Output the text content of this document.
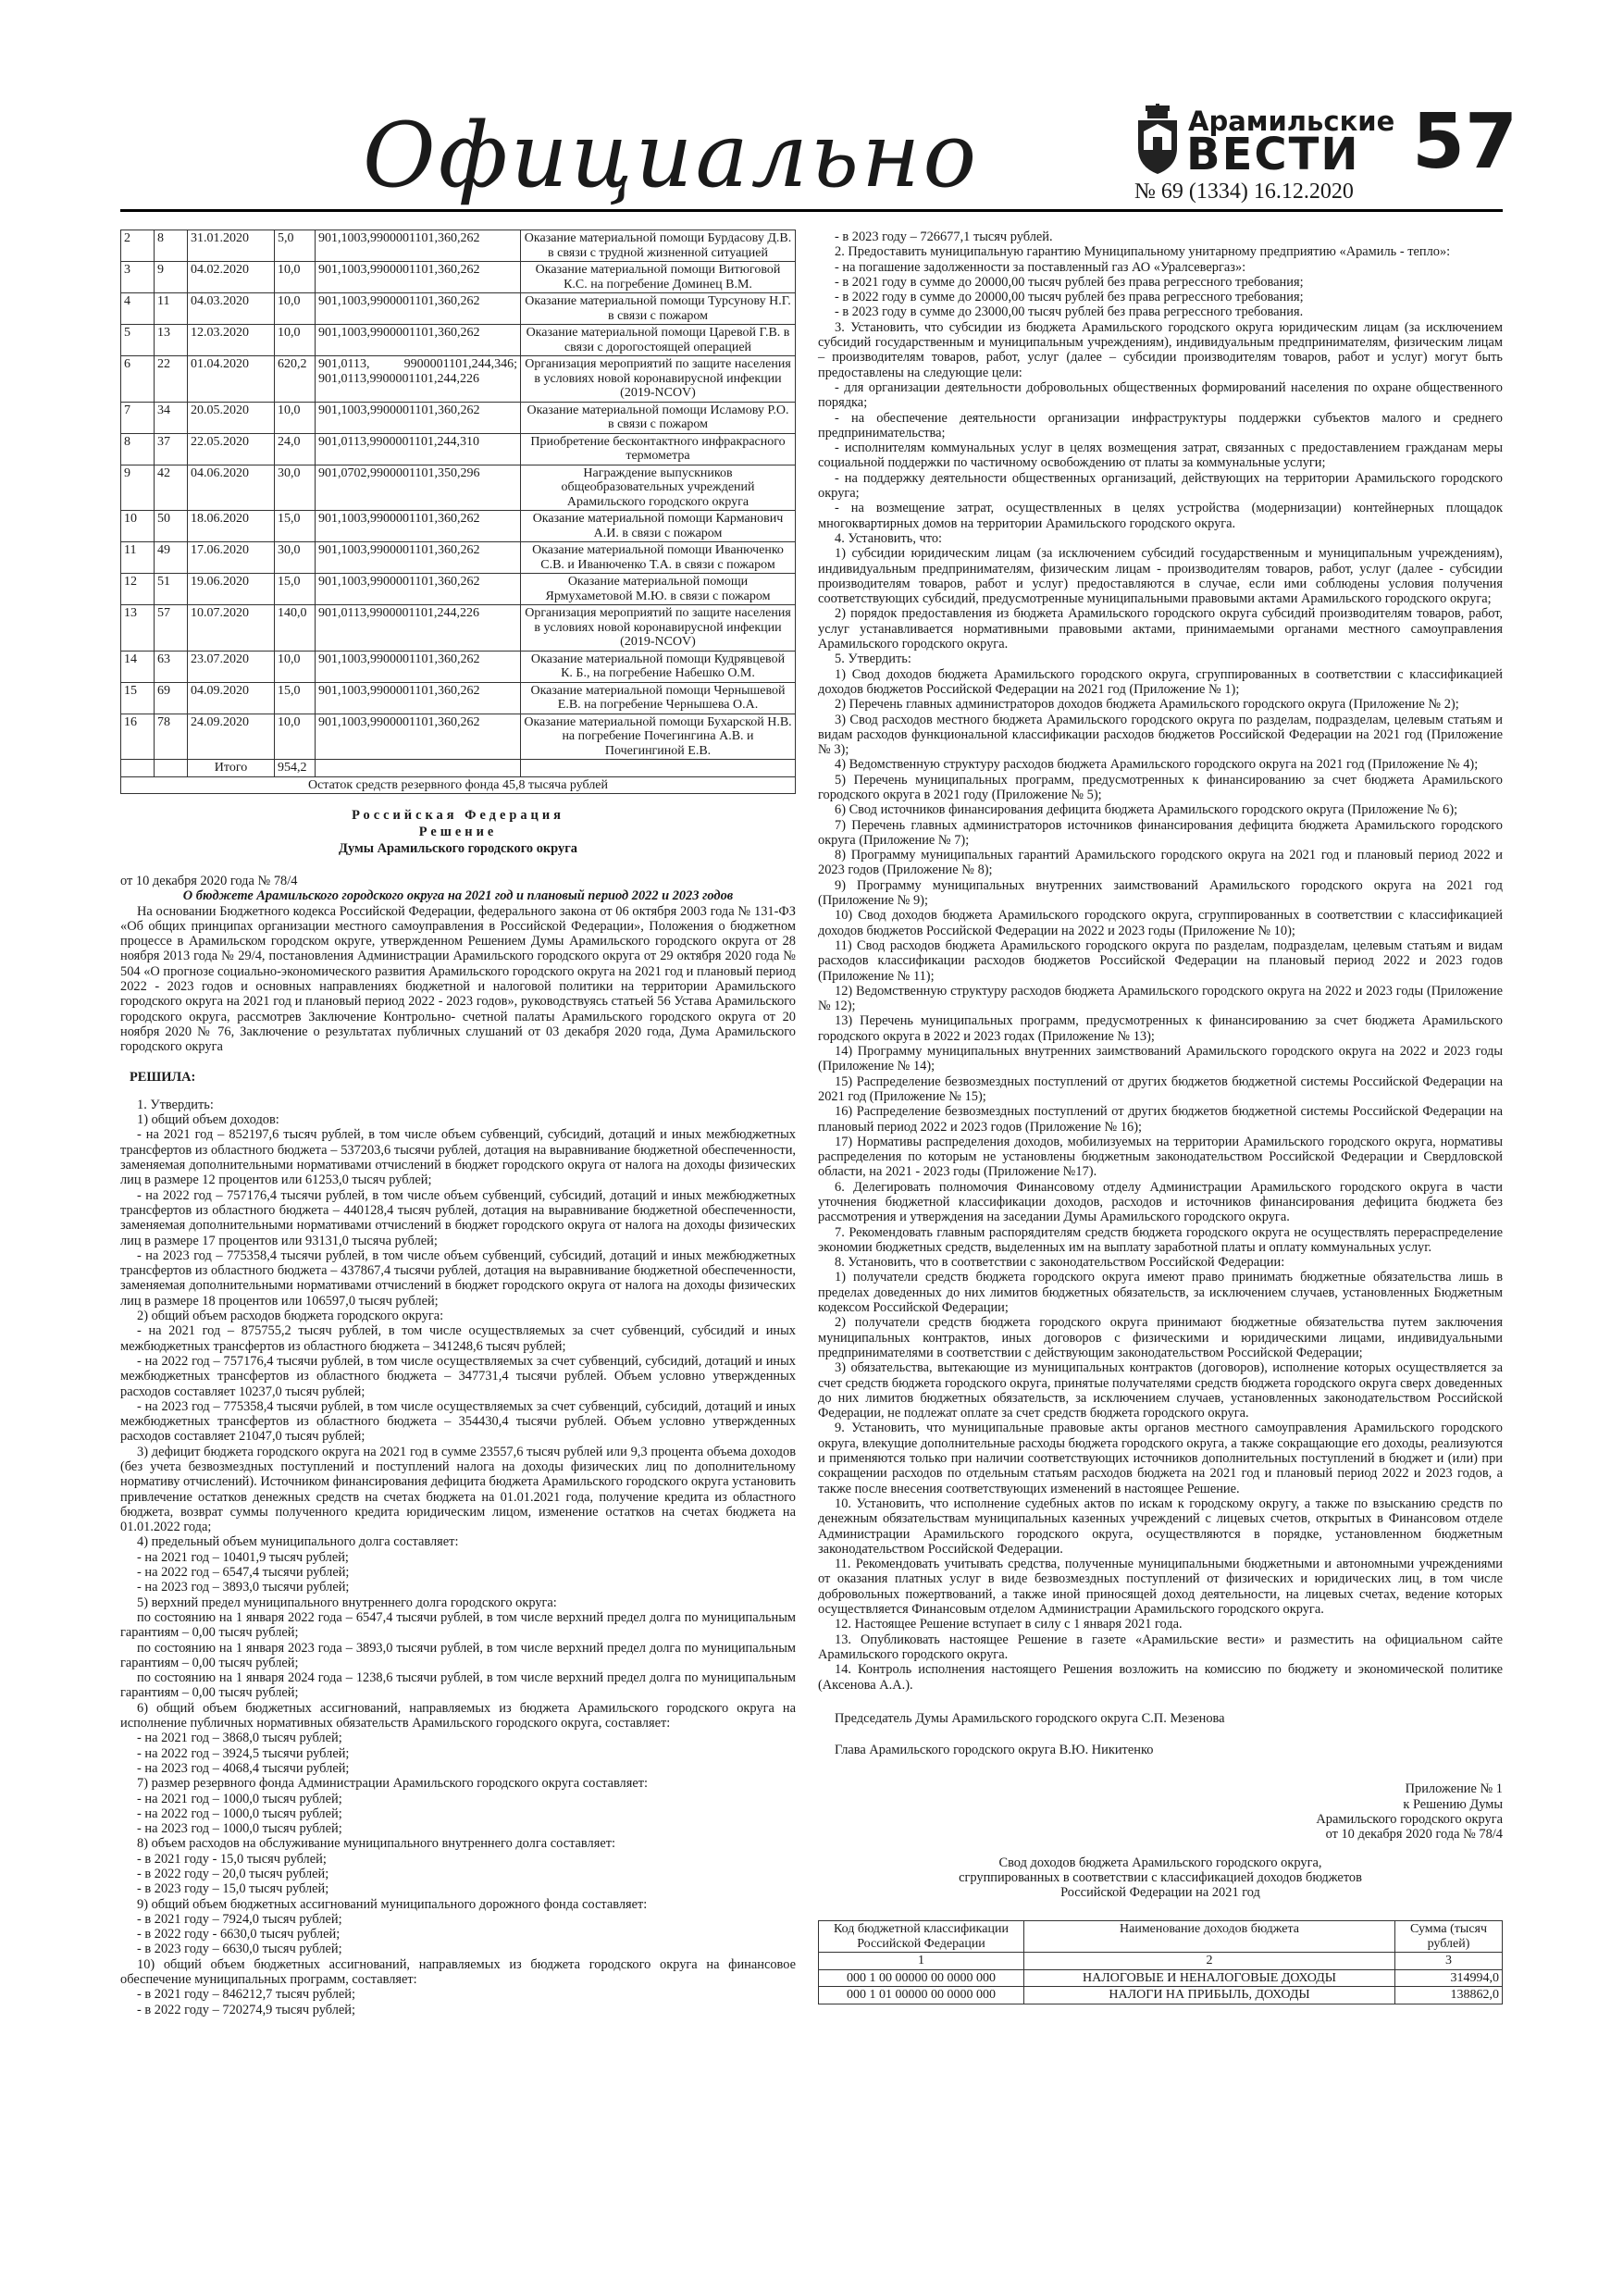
Официально	Арамильские
ВЕСТИ 57
№ 69 (1334) 16.12.2020
2	8	31.01.2020	5,0	901,1003,9900001101,360,262	Оказание материальной помощи Бурдасову Д.В. в связи с трудной жизненной ситуацией
3	9	04.02.2020	10,0	901,1003,9900001101,360,262	Оказание материальной помощи Витюговой К.С. на погребение Доминец В.М.
4	11	04.03.2020	10,0	901,1003,9900001101,360,262	Оказание материальной помощи Турсунову Н.Г. в связи с пожаром
5	13	12.03.2020	10,0	901,1003,9900001101,360,262	Оказание материальной помощи Царевой Г.В. в связи с дорогостоящей операцией
6	22	01.04.2020	620,2	901,0113, 9900001101,244,346; 901,0113,9900001101,244,226	Организация мероприятий по защите населения в условиях новой коронавирусной инфекции (2019-NCOV)
7	34	20.05.2020	10,0	901,1003,9900001101,360,262	Оказание материальной помощи Исламову Р.О. в связи с пожаром
8	37	22.05.2020	24,0	901,0113,9900001101,244,310	Приобретение бесконтактного инфракрасного термометра
9	42	04.06.2020	30,0	901,0702,9900001101,350,296	Награждение выпускников общеобразовательных учреждений Арамильского городского округа
10	50	18.06.2020	15,0	901,1003,9900001101,360,262	Оказание материальной помощи Карманович А.И. в связи с пожаром
11	49	17.06.2020	30,0	901,1003,9900001101,360,262	Оказание материальной помощи Иванюченко С.В. и Иванюченко Т.А. в связи с пожаром
12	51	19.06.2020	15,0	901,1003,9900001101,360,262	Оказание материальной помощи Ярмухаметовой М.Ю. в связи с пожаром
13	57	10.07.2020	140,0	901,0113,9900001101,244,226	Организация мероприятий по защите населения в условиях новой коронавирусной инфекции (2019-NCOV)
14	63	23.07.2020	10,0	901,1003,9900001101,360,262	Оказание материальной помощи Кудрявцевой К. Б., на погребение Набешко О.М.
15	69	04.09.2020	15,0	901,1003,9900001101,360,262	Оказание материальной помощи Чернышевой Е.В. на погребение Чернышева О.А.
16	78	24.09.2020	10,0	901,1003,9900001101,360,262	Оказание материальной помощи Бухарской Н.В. на погребение Почегингина А.В. и Почегингиной Е.В.
		Итого	954,2		
Остаток средств резервного фонда 45,8 тысяча рублей					
Российская Федерация
Решение
Думы Арамильского городского округа

от 10 декабря 2020 года № 78/4

О бюджете Арамильского городского округа на 2021 год и плановый период 2022 и 2023 годов

На основании Бюджетного кодекса Российской Федерации, федерального закона от 06 октября 2003 года № 131-ФЗ «Об общих принципах организации местного самоуправления в Российской Федерации», Положения о бюджетном процессе в Арамильском городском округе, утвержденном Решением Думы Арамильского городского округа от 28 ноября 2013 года № 29/4, постановления Администрации Арамильского городского округа от 29 октября 2020 года № 504 «О прогнозе социально-экономического развития Арамильского городского округа на 2021 год и плановый период 2022 - 2023 годов и основных направлениях бюджетной и налоговой политики на территории Арамильского городского округа на 2021 год и плановый период 2022 - 2023 годов», руководствуясь статьей 56 Устава Арамильского городского округа, рассмотрев Заключение Контрольно- счетной палаты Арамильского городского округа от 20 ноября 2020 № 76, Заключение о результатах публичных слушаний от 03 декабря 2020 года, Дума Арамильского городского округа

РЕШИЛА:

1. Утвердить:

1) общий объем доходов:

- на 2021 год – 852197,6 тысяч рублей, в том числе объем субвенций, субсидий, дотаций и иных межбюджетных трансфертов из областного бюджета – 537203,6 тысячи рублей, дотация на выравнивание бюджетной обеспеченности, заменяемая дополнительными нормативами отчислений в бюджет городского округа от налога на доходы физических лиц в размере 12 процентов или 61253,0 тысяч рублей;

- на 2022 год – 757176,4 тысячи рублей, в том числе объем субвенций, субсидий, дотаций и иных межбюджетных трансфертов из областного бюджета – 440128,4 тысяч рублей, дотация на выравнивание бюджетной обеспеченности, заменяемая дополнительными нормативами отчислений в бюджет городского округа от налога на доходы физических лиц в размере 17 процентов или 93131,0 тысяча рублей;

- на 2023 год – 775358,4 тысячи рублей, в том числе объем субвенций, субсидий, дотаций и иных межбюджетных трансфертов из областного бюджета – 437867,4 тысячи рублей, дотация на выравнивание бюджетной обеспеченности, заменяемая дополнительными нормативами отчислений в бюджет городского округа от налога на доходы физических лиц в размере 18 процентов или 106597,0 тысяч рублей;

2) общий объем расходов бюджета городского округа:

- на 2021 год – 875755,2 тысяч рублей, в том числе осуществляемых за счет субвенций, субсидий и иных межбюджетных трансфертов из областного бюджета – 341248,6 тысяч рублей;

- на 2022 год – 757176,4 тысячи рублей, в том числе осуществляемых за счет субвенций, субсидий, дотаций и иных межбюджетных трансфертов из областного бюджета – 347731,4 тысячи рублей. Объем условно утвержденных расходов составляет 10237,0 тысяч рублей;

- на 2023 год – 775358,4 тысячи рублей, в том числе осуществляемых за счет субвенций, субсидий, дотаций и иных межбюджетных трансфертов из областного бюджета – 354430,4 тысячи рублей. Объем условно утвержденных расходов составляет 21047,0 тысяч рублей;

3) дефицит бюджета городского округа на 2021 год в сумме 23557,6 тысяч рублей или 9,3 процента объема доходов (без учета безвозмездных поступлений и поступлений налога на доходы физических лиц по дополнительному нормативу отчислений). Источником финансирования дефицита бюджета Арамильского городского округа установить привлечение остатков денежных средств на счетах бюджета на 01.01.2021 года, получение кредита из областного бюджета, возврат суммы полученного кредита юридическим лицом, изменение остатков на счетах бюджета на 01.01.2022 года;

4) предельный объем муниципального долга составляет:

- на 2021 год – 10401,9 тысяч рублей;

- на 2022 год – 6547,4 тысячи рублей;

- на 2023 год – 3893,0 тысячи рублей;

5) верхний предел муниципального внутреннего долга городского округа:

по состоянию на 1 января 2022 года – 6547,4 тысячи рублей, в том числе верхний предел долга по муниципальным гарантиям – 0,00 тысяч рублей;

по состоянию на 1 января 2023 года – 3893,0 тысячи рублей, в том числе верхний предел долга по муниципальным гарантиям – 0,00 тысяч рублей;

по состоянию на 1 января 2024 года – 1238,6 тысячи рублей, в том числе верхний предел долга по муниципальным гарантиям – 0,00 тысяч рублей;

6) общий объем бюджетных ассигнований, направляемых из бюджета Арамильского городского округа на исполнение публичных нормативных обязательств Арамильского городского округа, составляет:

- на 2021 год – 3868,0 тысяч рублей;

- на 2022 год – 3924,5 тысячи рублей;

- на 2023 год – 4068,4 тысячи рублей;

7) размер резервного фонда Администрации Арамильского городского округа составляет:

- на 2021 год – 1000,0 тысяч рублей;

- на 2022 год – 1000,0 тысяч рублей;

- на 2023 год – 1000,0 тысяч рублей;

8) объем расходов на обслуживание муниципального внутреннего долга составляет:

- в 2021 году - 15,0 тысяч рублей;

- в 2022 году – 20,0 тысяч рублей;

- в 2023 году – 15,0 тысяч рублей;

9) общий объем бюджетных ассигнований муниципального дорожного фонда составляет:

- в 2021 году – 7924,0 тысяч рублей;

- в 2022 году - 6630,0 тысяч рублей;

- в 2023 году – 6630,0 тысяч рублей;

10) общий объем бюджетных ассигнований, направляемых из бюджета городского округа на финансовое обеспечение муниципальных программ, составляет:

- в 2021 году – 846212,7 тысяч рублей;

- в 2022 году – 720274,9 тысяч рублей;

- в 2023 году – 726677,1 тысяч рублей.

2. Предоставить муниципальную гарантию Муниципальному унитарному предприятию «Арамиль - тепло»:

- на погашение задолженности за поставленный газ АО «Уралсевергаз»:

- в 2021 году в сумме до 20000,00 тысяч рублей без права регрессного требования;

- в 2022 году в сумме до 20000,00 тысяч рублей без права регрессного требования;

- в 2023 году в сумме до 23000,00 тысяч рублей без права регрессного требования.

3. Установить, что субсидии из бюджета Арамильского городского округа юридическим лицам (за исключением субсидий государственным и муниципальным учреждениям), индивидуальным предпринимателям, физическим лицам – производителям товаров, работ, услуг (далее – субсидии производителям товаров, работ и услуг) могут быть предоставлены на следующие цели:

- для организации деятельности добровольных общественных формирований населения по охране общественного порядка;

- на обеспечение деятельности организации инфраструктуры поддержки субъектов малого и среднего предпринимательства;

- исполнителям коммунальных услуг в целях возмещения затрат, связанных с предоставлением гражданам меры социальной поддержки по частичному освобождению от платы за коммунальные услуги;

- на поддержку деятельности общественных организаций, действующих на территории Арамильского городского округа;

- на возмещение затрат, осуществленных в целях устройства (модернизации) контейнерных площадок многоквартирных домов на территории Арамильского городского округа.

4. Установить, что:

1) субсидии юридическим лицам (за исключением субсидий государственным и муниципальным учреждениям), индивидуальным предпринимателям, физическим лицам - производителям товаров, работ, услуг (далее - субсидии производителям товаров, работ и услуг) предоставляются в случае, если ими соблюдены условия получения соответствующих субсидий, предусмотренные муниципальными правовыми актами Арамильского городского округа;

2) порядок предоставления из бюджета Арамильского городского округа субсидий производителям товаров, работ, услуг устанавливается нормативными правовыми актами, принимаемыми органами местного самоуправления Арамильского городского округа.

5. Утвердить:

1) Свод доходов бюджета Арамильского городского округа, сгруппированных в соответствии с классификацией доходов бюджетов Российской Федерации на 2021 год (Приложение № 1);

2) Перечень главных администраторов доходов бюджета Арамильского городского округа (Приложение № 2);

3) Свод расходов местного бюджета Арамильского городского округа по разделам, подразделам, целевым статьям и видам расходов функциональной классификации расходов бюджетов Российской Федерации на 2021 год (Приложение № 3);

4) Ведомственную структуру расходов бюджета Арамильского городского округа на 2021 год (Приложение № 4);

5) Перечень муниципальных программ, предусмотренных к финансированию за счет бюджета Арамильского городского округа в 2021 году (Приложение № 5);

6) Свод источников финансирования дефицита бюджета Арамильского городского округа (Приложение № 6);

7) Перечень главных администраторов источников финансирования дефицита бюджета Арамильского городского округа (Приложение № 7);

8) Программу муниципальных гарантий Арамильского городского округа на 2021 год и плановый период 2022 и 2023 годов (Приложение № 8);

9) Программу муниципальных внутренних заимствований Арамильского городского округа на 2021 год (Приложение № 9);

10) Свод доходов бюджета Арамильского городского округа, сгруппированных в соответствии с классификацией доходов бюджетов Российской Федерации на 2022 и 2023 годы (Приложение № 10);

11) Свод расходов бюджета Арамильского городского округа по разделам, подразделам, целевым статьям и видам расходов классификации расходов бюджетов Российской Федерации на плановый период 2022 и 2023 годов (Приложение № 11);

12) Ведомственную структуру расходов бюджета Арамильского городского округа на 2022 и 2023 годы (Приложение № 12);

13) Перечень муниципальных программ, предусмотренных к финансированию за счет бюджета Арамильского городского округа в 2022 и 2023 годах (Приложение № 13);

14) Программу муниципальных внутренних заимствований Арамильского городского округа на 2022 и 2023 годы (Приложение № 14);

15) Распределение безвозмездных поступлений от других бюджетов бюджетной системы Российской Федерации на 2021 год (Приложение № 15);

16) Распределение безвозмездных поступлений от других бюджетов бюджетной системы Российской Федерации на плановый период 2022 и 2023 годов (Приложение № 16);

17) Нормативы распределения доходов, мобилизуемых на территории Арамильского городского округа, нормативы распределения по которым не установлены бюджетным законодательством Российской Федерации и Свердловской области, на 2021 - 2023 годы (Приложение №17).

6. Делегировать полномочия Финансовому отделу Администрации Арамильского городского округа в части уточнения бюджетной классификации доходов, расходов и источников финансирования дефицита бюджета без рассмотрения и утверждения на заседании Думы Арамильского городского округа.

7. Рекомендовать главным распорядителям средств бюджета городского округа не осуществлять перераспределение экономии бюджетных средств, выделенных им на выплату заработной платы и оплату коммунальных услуг.

8. Установить, что в соответствии с законодательством Российской Федерации:

1) получатели средств бюджета городского округа имеют право принимать бюджетные обязательства лишь в пределах доведенных до них лимитов бюджетных обязательств, за исключением случаев, установленных Бюджетным кодексом Российской Федерации;

2) получатели средств бюджета городского округа принимают бюджетные обязательства путем заключения муниципальных контрактов, иных договоров с физическими и юридическими лицами, индивидуальными предпринимателями в соответствии с действующим законодательством Российской Федерации;

3) обязательства, вытекающие из муниципальных контрактов (договоров), исполнение которых осуществляется за счет средств бюджета городского округа, принятые получателями средств бюджета городского округа сверх доведенных до них лимитов бюджетных обязательств, за исключением случаев, установленных законодательством Российской Федерации, не подлежат оплате за счет средств бюджета городского округа.

9. Установить, что муниципальные правовые акты органов местного самоуправления Арамильского городского округа, влекущие дополнительные расходы бюджета городского округа, а также сокращающие его доходы, реализуются и применяются только при наличии соответствующих источников дополнительных поступлений в бюджет и (или) при сокращении расходов по отдельным статьям расходов бюджета на 2021 год и плановый период 2022 и 2023 годов, а также после внесения соответствующих изменений в настоящее Решение.

10. Установить, что исполнение судебных актов по искам к городскому округу, а также по взысканию средств по денежным обязательствам муниципальных казенных учреждений с лицевых счетов, открытых в Финансовом отделе Администрации Арамильского городского округа, осуществляются в порядке, установленном бюджетным законодательством Российской Федерации.

11. Рекомендовать учитывать средства, полученные муниципальными бюджетными и автономными учреждениями от оказания платных услуг в виде безвозмездных поступлений от физических и юридических лиц, в том числе добровольных пожертвований, а также иной приносящей доход деятельности, на лицевых счетах, ведение которых осуществляется Финансовым отделом Администрации Арамильского городского округа.

12. Настоящее Решение вступает в силу с 1 января 2021 года.

13. Опубликовать настоящее Решение в газете «Арамильские вести» и разместить на официальном сайте Арамильского городского округа.

14. Контроль исполнения настоящего Решения возложить на комиссию по бюджету и экономической политике (Аксенова А.А.).

Председатель Думы Арамильского городского округа С.П. Мезенова

Глава Арамильского городского округа В.Ю. Никитенко

Приложение № 1
к Решению Думы
Арамильского городского округа
от 10 декабря 2020 года № 78/4
Свод доходов бюджета Арамильского городского округа,
сгруппированных в соответствии с классификацией доходов бюджетов
Российской Федерации на 2021 год
Код бюджетной классификации Российской Федерации	Наименование доходов бюджета	Сумма (тысяч рублей)
1	2	3
000 1 00 00000 00 0000 000	НАЛОГОВЫЕ И НЕНАЛОГОВЫЕ ДОХОДЫ	314994,0
000 1 01 00000 00 0000 000	НАЛОГИ НА ПРИБЫЛЬ, ДОХОДЫ	138862,0
